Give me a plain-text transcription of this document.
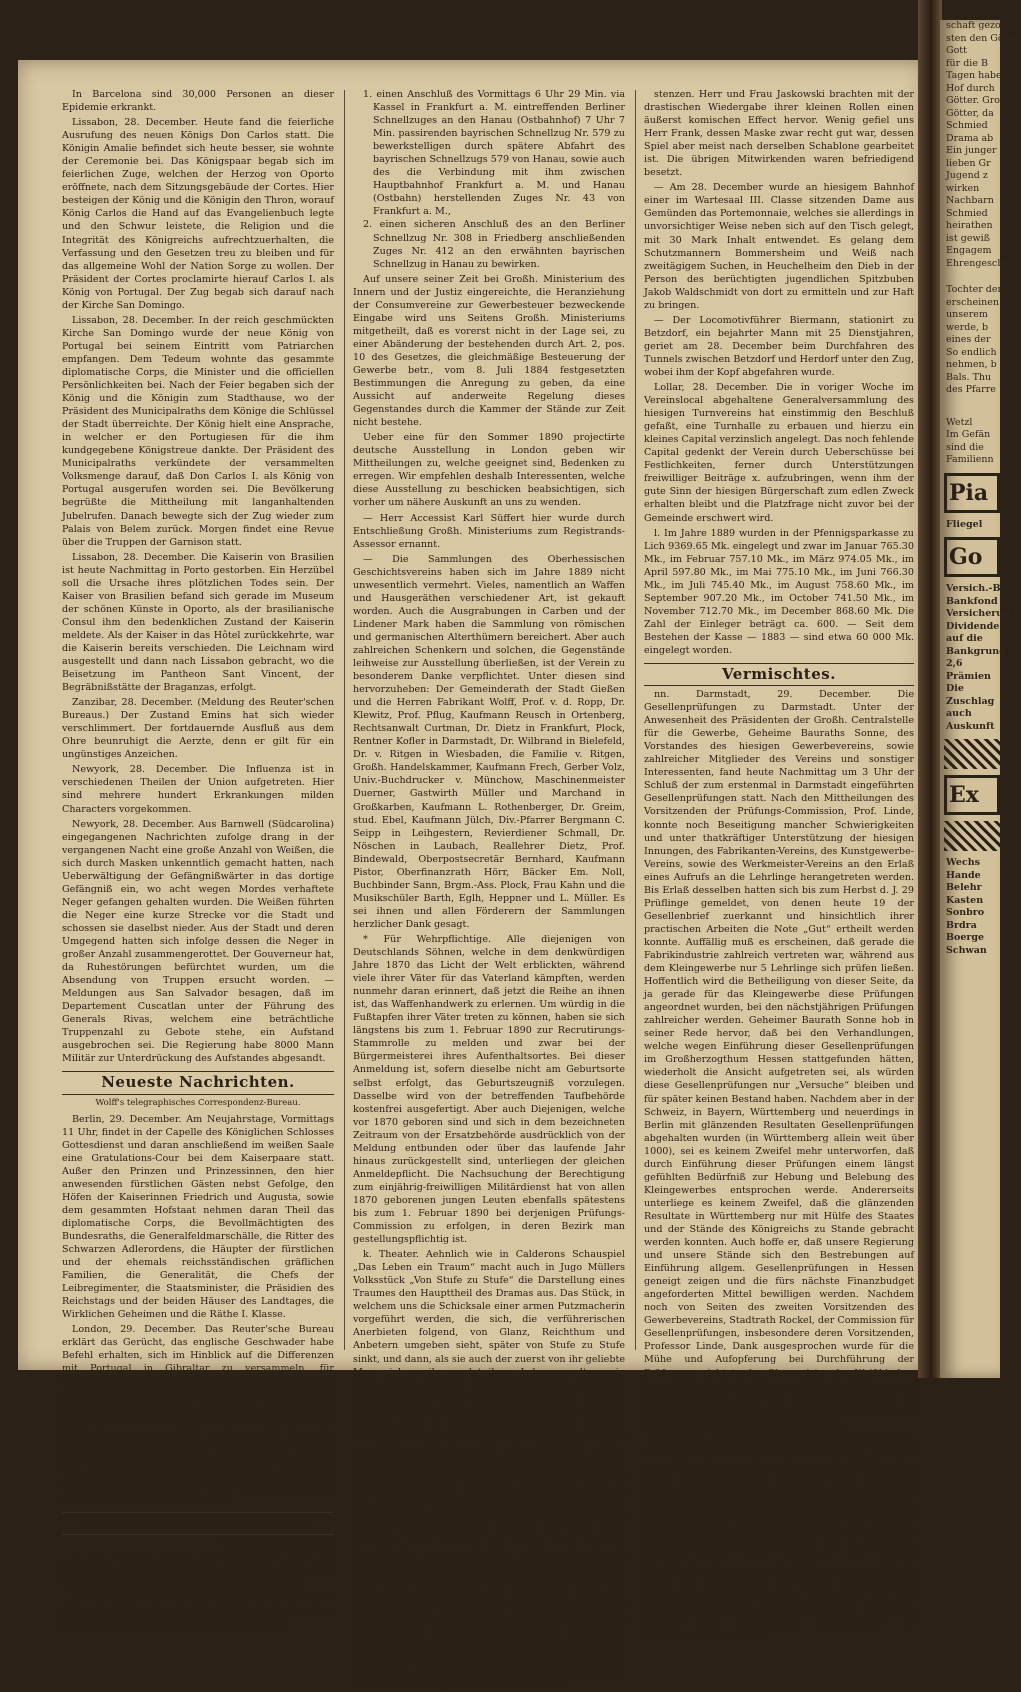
In Barcelona sind 30,000 Personen an dieser Epidemie erkrankt.

Lissabon, 28. December. Heute fand die feierliche Ausrufung des neuen Königs Don Carlos statt. Die Königin Amalie befindet sich heute besser, sie wohnte der Ceremonie bei. Das Königspaar begab sich im feierlichen Zuge, welchen der Herzog von Oporto eröffnete, nach dem Sitzungsgebäude der Cortes. Hier besteigen der König und die Königin den Thron, worauf König Carlos die Hand auf das Evangelienbuch legte und den Schwur leistete, die Religion und die Integrität des Königreichs aufrechtzuerhalten, die Verfassung und den Gesetzen treu zu bleiben und für das allgemeine Wohl der Nation Sorge zu wollen. Der Präsident der Cortes proclamirte hierauf Carlos I. als König von Portugal. Der Zug begab sich darauf nach der Kirche San Domingo.

Lissabon, 28. December. In der reich geschmückten Kirche San Domingo wurde der neue König von Portugal bei seinem Eintritt vom Patriarchen empfangen. Dem Tedeum wohnte das gesammte diplomatische Corps, die Minister und die officiellen Persönlichkeiten bei. Nach der Feier begaben sich der König und die Königin zum Stadthause, wo der Präsident des Municipalraths dem Könige die Schlüssel der Stadt überreichte. Der König hielt eine Ansprache, in welcher er den Portugiesen für die ihm kundgegebene Königstreue dankte. Der Präsident des Municipalraths verkündete der versammelten Volksmenge darauf, daß Don Carlos I. als König von Portugal ausgerufen worden sei. Die Bevölkerung begrüßte die Mittheilung mit langanhaltenden Jubelrufen. Danach bewegte sich der Zug wieder zum Palais von Belem zurück. Morgen findet eine Revue über die Truppen der Garnison statt.

Lissabon, 28. December. Die Kaiserin von Brasilien ist heute Nachmittag in Porto gestorben. Ein Herzübel soll die Ursache ihres plötzlichen Todes sein. Der Kaiser von Brasilien befand sich gerade im Museum der schönen Künste in Oporto, als der brasilianische Consul ihm den bedenklichen Zustand der Kaiserin meldete. Als der Kaiser in das Hôtel zurückkehrte, war die Kaiserin bereits verschieden. Die Leichnam wird ausgestellt und dann nach Lissabon gebracht, wo die Beisetzung im Pantheon Sant Vincent, der Begräbnißstätte der Braganzas, erfolgt.

Zanzibar, 28. December. (Meldung des Reuter'schen Bureaus.) Der Zustand Emins hat sich wieder verschlimmert. Der fortdauernde Ausfluß aus dem Ohre beunruhigt die Aerzte, denn er gilt für ein ungünstiges Anzeichen.

Newyork, 28. December. Die Influenza ist in verschiedenen Theilen der Union aufgetreten. Hier sind mehrere hundert Erkrankungen milden Characters vorgekommen.

Newyork, 28. December. Aus Barnwell (Südcarolina) eingegangenen Nachrichten zufolge drang in der vergangenen Nacht eine große Anzahl von Weißen, die sich durch Masken unkenntlich gemacht hatten, nach Ueberwältigung der Gefängnißwärter in das dortige Gefängniß ein, wo acht wegen Mordes verhaftete Neger gefangen gehalten wurden. Die Weißen führten die Neger eine kurze Strecke vor die Stadt und schossen sie daselbst nieder. Aus der Stadt und deren Umgegend hatten sich infolge dessen die Neger in großer Anzahl zusammengerottet. Der Gouverneur hat, da Ruhestörungen befürchtet wurden, um die Absendung von Truppen ersucht worden. — Meldungen aus San Salvador besagen, daß im Departement Cuscatlan unter der Führung des Generals Rivas, welchem eine beträchtliche Truppenzahl zu Gebote stehe, ein Aufstand ausgebrochen sei. Die Regierung habe 8000 Mann Militär zur Unterdrückung des Aufstandes abgesandt.

Neueste Nachrichten.
Wolff's telegraphisches Correspondenz-Bureau.

Berlin, 29. December. Am Neujahrstage, Vormittags 11 Uhr, findet in der Capelle des Königlichen Schlosses Gottesdienst und daran anschließend im weißen Saale eine Gratulations-Cour bei dem Kaiserpaare statt. Außer den Prinzen und Prinzessinnen, den hier anwesenden fürstlichen Gästen nebst Gefolge, den Höfen der Kaiserinnen Friedrich und Augusta, sowie dem gesammten Hofstaat nehmen daran Theil das diplomatische Corps, die Bevollmächtigten des Bundesraths, die Generalfeldmarschälle, die Ritter des Schwarzen Adlerordens, die Häupter der fürstlichen und der ehemals reichsständischen gräflichen Familien, die Generalität, die Chefs der Leibregimenter, die Staatsminister, die Präsidien des Reichstags und der beiden Häuser des Landtages, die Wirklichen Geheimen und die Räthe I. Klasse.

London, 29. December. Das Reuter'sche Bureau erklärt das Gerücht, das englische Geschwader habe Befehl erhalten, sich im Hinblick auf die Differenzen mit Portugal in Gibraltar zu versammeln, für unbegründet. Ebenso unbegründet sei das Gerücht von einem Einvernehmen Englands mit den Vereinigten Staaten von Nordamerika zum Zweck der Ausübung eines Druckes auf Portugal durch eine gemeinsame Flottendemonstration. Der portugiesische Gesandte Marquis d'Anoss überreichte Lord Salisbury gestern die Antwort Portugals auf die jüngste Note Englands. Wie es heißt, hätte Portugal einen Aufschub verlangt, um Erklärungen von Serpa Pinto einzuholen und sei dieser Aufschub bewilligt worden.

Locales und Provinzielles.
Gießen, 30. December.

— 20. Sitzung Großh. Handelskammer vom 19. December. Gegenwärtig waren die Herren Koch, Gail, Heichelheim, Homberger, Katz, Kraatz, Schirmer.

Zum nächsten Sommerfahrplan hat die Kammer folgende Anträge bei der Königl. Eisenbahn-Direction Hannover einzureichen beschlossen, nämlich:

1. einen Anschluß des Vormittags 6 Uhr 29 Min. via Kassel in Frankfurt a. M. eintreffenden Berliner Schnellzuges an den Hanau (Ostbahnhof) 7 Uhr 7 Min. passirenden bayrischen Schnellzug Nr. 579 zu bewerkstelligen durch spätere Abfahrt des bayrischen Schnellzugs 579 von Hanau, sowie auch des die Verbindung mit ihm zwischen Hauptbahnhof Frankfurt a. M. und Hanau (Ostbahn) herstellenden Zuges Nr. 43 von Frankfurt a. M.,
2. einen sicheren Anschluß des an den Berliner Schnellzug Nr. 308 in Friedberg anschließenden Zuges Nr. 412 an den erwähnten bayrischen Schnellzug in Hanau zu bewirken.

Auf unsere seiner Zeit bei Großh. Ministerium des Innern und der Justiz eingereichte, die Heranziehung der Consumvereine zur Gewerbesteuer bezweckende Eingabe wird uns Seitens Großh. Ministeriums mitgetheilt, daß es vorerst nicht in der Lage sei, zu einer Abänderung der bestehenden durch Art. 2, pos. 10 des Gesetzes, die gleichmäßige Besteuerung der Gewerbe betr., vom 8. Juli 1884 festgesetzten Bestimmungen die Anregung zu geben, da eine Aussicht auf anderweite Regelung dieses Gegenstandes durch die Kammer der Stände zur Zeit nicht bestehe.

Ueber eine für den Sommer 1890 projectirte deutsche Ausstellung in London geben wir Mittheilungen zu, welche geeignet sind, Bedenken zu erregen. Wir empfehlen deshalb Interessenten, welche diese Ausstellung zu beschicken beabsichtigen, sich vorher um nähere Auskunft an uns zu wenden.

— Herr Accessist Karl Süffert hier wurde durch Entschließung Großh. Ministeriums zum Registrands-Assessor ernannt.

— Die Sammlungen des Oberhessischen Geschichtsvereins haben sich im Jahre 1889 nicht unwesentlich vermehrt. Vieles, namentlich an Waffen und Hausgeräthen verschiedener Art, ist gekauft worden. Auch die Ausgrabungen in Carben und der Lindener Mark haben die Sammlung von römischen und germanischen Alterthümern bereichert. Aber auch zahlreichen Schenkern und solchen, die Gegenstände leihweise zur Ausstellung überließen, ist der Verein zu besonderem Danke verpflichtet. Unter diesen sind hervorzuheben: Der Gemeinderath der Stadt Gießen und die Herren Fabrikant Wolff, Prof. v. d. Ropp, Dr. Klewitz, Prof. Pflug, Kaufmann Reusch in Ortenberg, Rechtsanwalt Curtman, Dr. Dietz in Frankfurt, Plock, Rentner Kofler in Darmstadt, Dr. Wilbrand in Bielefeld, Dr. v. Ritgen in Wiesbaden, die Familie v. Ritgen, Großh. Handelskammer, Kaufmann Frech, Gerber Volz, Univ.-Buchdrucker v. Münchow, Maschinenmeister Duerner, Gastwirth Müller und Marchand in Großkarben, Kaufmann L. Rothenberger, Dr. Greim, stud. Ebel, Kaufmann Jülch, Div.-Pfarrer Bergmann C. Seipp in Leihgestern, Revierdiener Schmall, Dr. Nöschen in Laubach, Reallehrer Dietz, Prof. Bindewald, Oberpostsecretär Bernhard, Kaufmann Pistor, Oberfinanzrath Hörr, Bäcker Em. Noll, Buchbinder Sann, Brgm.-Ass. Plock, Frau Kahn und die Musikschüler Barth, Eglh, Heppner und L. Müller. Es sei ihnen und allen Förderern der Sammlungen herzlicher Dank gesagt.

* Für Wehrpflichtige. Alle diejenigen von Deutschlands Söhnen, welche in dem denkwürdigen Jahre 1870 das Licht der Welt erblickten, während viele ihrer Väter für das Vaterland kämpften, werden nunmehr daran erinnert, daß jetzt die Reihe an ihnen ist, das Waffenhandwerk zu erlernen. Um würdig in die Fußtapfen ihrer Väter treten zu können, haben sie sich längstens bis zum 1. Februar 1890 zur Recrutirungs-Stammrolle zu melden und zwar bei der Bürgermeisterei ihres Aufenthaltsortes. Bei dieser Anmeldung ist, sofern dieselbe nicht am Geburtsorte selbst erfolgt, das Geburtszeugniß vorzulegen. Dasselbe wird von der betreffenden Taufbehörde kostenfrei ausgefertigt. Aber auch Diejenigen, welche vor 1870 geboren sind und sich in dem bezeichneten Zeitraum von der Ersatzbehörde ausdrücklich von der Meldung entbunden oder über das laufende Jahr hinaus zurückgestellt sind, unterliegen der gleichen Anmeldepflicht. Die Nachsuchung der Berechtigung zum einjährig-freiwilligen Militärdienst hat von allen 1870 geborenen jungen Leuten ebenfalls spätestens bis zum 1. Februar 1890 bei derjenigen Prüfungs-Commission zu erfolgen, in deren Bezirk man gestellungspflichtig ist.

k. Theater. Aehnlich wie in Calderons Schauspiel „Das Leben ein Traum“ macht auch in Jugo Müllers Volksstück „Von Stufe zu Stufe“ die Darstellung eines Traumes den Haupttheil des Dramas aus. Das Stück, in welchem uns die Schicksale einer armen Putzmacherin vorgeführt werden, die sich, die verführerischen Anerbieten folgend, von Glanz, Reichthum und Anbetern umgeben sieht, später von Stufe zu Stufe sinkt, und dann, als sie auch der zuerst von ihr geliebte Mann sich von ihr wendet, ihrem Leben gewaltsam ein Ende macht, ist hier schon des öfteren aufgeführt worden und in fester Handlungen bekannt. Gespielt wurde das interessante Stück trefflich. Vornehmlich verdient Herr v. Gallas uneingeschränktes Lob. Er characterisirte den tief angelegten Wohlgemut ganz vorzüglich und beherrschte seine Rolle mit großer Gewandtheit und Sicherheit. Namentlich war sein Spiel im zweiten Acte in der großen Scene mit Marie wahrhaft ergreifend. Recht gut, wenn auch nicht so gut, wie Herr v. Gallas, war die Repräsentantin der Putzmacherin Marie, Fräulein Maaß. Auch sie hatte offenbar ein sorgfältiges Studium auf ihre Rolle verwandt und war in der Lage, eine wirklich durchdachte, ernst aufgefaßte und ernst wirkende Darstellung ihrer interessanten Partie zu geben. Sehr nett war Fräulein Helene Pauli, die entschieden über eine große Gewandtheit und Anmuth in Spiel und Gesang verfügt. Die Rolle der ewig vergnügten Elise entspricht zudem in besonderem Maße dem fröhlichen Naturell ihrer freundlichen Darstellerin. Herr Adam Reiners entfaltete als Stubenmaler Lerche seine oft gerühmte große Begabung, komische Charactertypen zu schaffen. Er zeichnete auf's Trefflichste eine jener zweifelhaften hauptstädtischen Existenzen.

stenzen. Herr und Frau Jaskowski brachten mit der drastischen Wiedergabe ihrer kleinen Rollen einen äußerst komischen Effect hervor. Wenig gefiel uns Herr Frank, dessen Maske zwar recht gut war, dessen Spiel aber meist nach derselben Schablone gearbeitet ist. Die übrigen Mitwirkenden waren befriedigend besetzt.

— Am 28. December wurde an hiesigem Bahnhof einer im Wartesaal III. Classe sitzenden Dame aus Gemünden das Portemonnaie, welches sie allerdings in unvorsichtiger Weise neben sich auf den Tisch gelegt, mit 30 Mark Inhalt entwendet. Es gelang dem Schutzmannern Bommersheim und Weiß nach zweitägigem Suchen, in Heuchelheim den Dieb in der Person des berüchtigten jugendlichen Spitzbuben Jakob Waldschmidt von dort zu ermitteln und zur Haft zu bringen.

— Der Locomotivführer Biermann, stationirt zu Betzdorf, ein bejahrter Mann mit 25 Dienstjahren, geriet am 28. December beim Durchfahren des Tunnels zwischen Betzdorf und Herdorf unter den Zug, wobei ihm der Kopf abgefahren wurde.

Lollar, 28. December. Die in voriger Woche im Vereinslocal abgehaltene Generalversammlung des hiesigen Turnvereins hat einstimmig den Beschluß gefaßt, eine Turnhalle zu erbauen und hierzu ein kleines Capital verzinslich angelegt. Das noch fehlende Capital gedenkt der Verein durch Ueberschüsse bei Festlichkeiten, ferner durch Unterstützungen freiwilliger Beiträge x. aufzubringen, wenn ihm der gute Sinn der hiesigen Bürgerschaft zum edlen Zweck erhalten bleibt und die Platzfrage nicht zuvor bei der Gemeinde erschwert wird.

l. Im Jahre 1889 wurden in der Pfennigsparkasse zu Lich 9369.65 Mk. eingelegt und zwar im Januar 765.30 Mk., im Februar 757.10 Mk., im März 974.05 Mk., im April 597.80 Mk., im Mai 775.10 Mk., im Juni 766.30 Mk., im Juli 745.40 Mk., im August 758.60 Mk., im September 907.20 Mk., im October 741.50 Mk., im November 712.70 Mk., im December 868.60 Mk. Die Zahl der Einleger beträgt ca. 600. — Seit dem Bestehen der Kasse — 1883 — sind etwa 60 000 Mk. eingelegt worden.

Vermischtes.

nn. Darmstadt, 29. December. Die Gesellenprüfungen zu Darmstadt. Unter der Anwesenheit des Präsidenten der Großh. Centralstelle für die Gewerbe, Geheime Bauraths Sonne, des Vorstandes des hiesigen Gewerbevereins, sowie zahlreicher Mitglieder des Vereins und sonstiger Interessenten, fand heute Nachmittag um 3 Uhr der Schluß der zum erstenmal in Darmstadt eingeführten Gesellenprüfungen statt. Nach den Mittheilungen des Vorsitzenden der Prüfungs-Commission, Prof. Linde, konnte noch Beseitigung mancher Schwierigkeiten und unter thatkräftiger Unterstützung der hiesigen Innungen, des Fabrikanten-Vereins, des Kunstgewerbe-Vereins, sowie des Werkmeister-Vereins an den Erlaß eines Aufrufs an die Lehrlinge herangetreten werden. Bis Erlaß desselben hatten sich bis zum Herbst d. J. 29 Prüflinge gemeldet, von denen heute 19 der Gesellenbrief zuerkannt und hinsichtlich ihrer practischen Arbeiten die Note „Gut“ ertheilt werden konnte. Auffällig muß es erscheinen, daß gerade die Fabrikindustrie zahlreich vertreten war, während aus dem Kleingewerbe nur 5 Lehrlinge sich prüfen ließen. Hoffentlich wird die Betheiligung von dieser Seite, da ja gerade für das Kleingewerbe diese Prüfungen angeordnet wurden, bei den nächstjährigen Prüfungen zahlreicher werden. Geheimer Baurath Sonne hob in seiner Rede hervor, daß bei den Verhandlungen, welche wegen Einführung dieser Gesellenprüfungen im Großherzogthum Hessen stattgefunden hätten, wiederholt die Ansicht aufgetreten sei, als würden diese Gesellenprüfungen nur „Versuche“ bleiben und für später keinen Bestand haben. Nachdem aber in der Schweiz, in Bayern, Württemberg und neuerdings in Berlin mit glänzenden Resultaten Gesellenprüfungen abgehalten wurden (in Württemberg allein weit über 1000), sei es keinem Zweifel mehr unterworfen, daß durch Einführung dieser Prüfungen einem längst gefühlten Bedürfniß zur Hebung und Belebung des Kleingewerbes entsprochen werde. Andererseits unterliege es keinem Zweifel, daß die glänzenden Resultate in Württemberg nur mit Hülfe des Staates und der Stände des Königreichs zu Stande gebracht werden konnten. Auch hoffe er, daß unsere Regierung und unsere Stände sich den Bestrebungen auf Einführung allgem. Gesellenprüfungen in Hessen geneigt zeigen und die fürs nächste Finanzbudget angeforderten Mittel bewilligen werden. Nachdem noch von Seiten des zweiten Vorsitzenden des Gewerbevereins, Stadtrath Rockel, der Commission für Gesellenprüfungen, insbesondere deren Vorsitzenden, Professor Linde, Dank ausgesprochen wurde für die Mühe und Aufopferung bei Durchführung der Prüfungen, richtete der Obermeister der Weißbinder-Innung, Stadtrath Kinkel, noch Worte der Mahnung an die Junggesellen, treu und fest zum Handwerk zu halten zu Nutz und Frommen des Gewerbestandes und zum Segen des Staates und des Reiches.

Mainz, 29. December. In den letzten Tagen hat sich hier die Zahl der Influenza-Erkrankungen merklich vermehrt und zwar will man bei einzelnen Fällen jetzt auch einen ernsteren Character der Krankheit beobachtet haben. Bei den weiten Gemüthern hat der plötzliche Todesfall eines hiesigen Kaufmanns ziemlich beunruhigt, der vor einigen Tagen an der Influenza erkrankt und bei welchem die Erkrankung schließlich in Lungenentzündung ausgeartet ist. In ärztlichen Kreisen faßt man dagegen die ganze Krankheitserscheinung nach wie vor immer noch sehr ruhig auf, ohne indeß die Gefahr des ernsteren Characters der Krankheit zu verkennen. Bei den letzten Erkrankungen sind hauptsächlich zahlreiche Beamte der Hessischen Ludwigsbahn in Mitleidenschaft gezogen.

schaft gezogen
sten den Götter
Gott
für die B
Tagen haben
Hof durch
Götter. Gro
Götter, da
Schmied
Drama ab
Ein junger
lieben Gr
Jugend z
wirken
Nachbarn
Schmied
heirathen
ist gewiß
Engagem
Ehrengeschenk
Tochter der
erscheinen
unserem
werde, b
eines der
So endlich
nehmen, b
Bals. Thu
des Pfarre
Wetzl
Im Gefän
sind die
Familienn
Pia
Fliegel
Go
Versich.-B
Bankfond
Versicherun
Dividende
auf die
Bankgrund
2,6
Prämien
Die
Zuschlag
auch
Auskunft
Ex
Wechs
Hande
Belehr
Kasten
Sonbro
Brdra
Boerge
Schwan
